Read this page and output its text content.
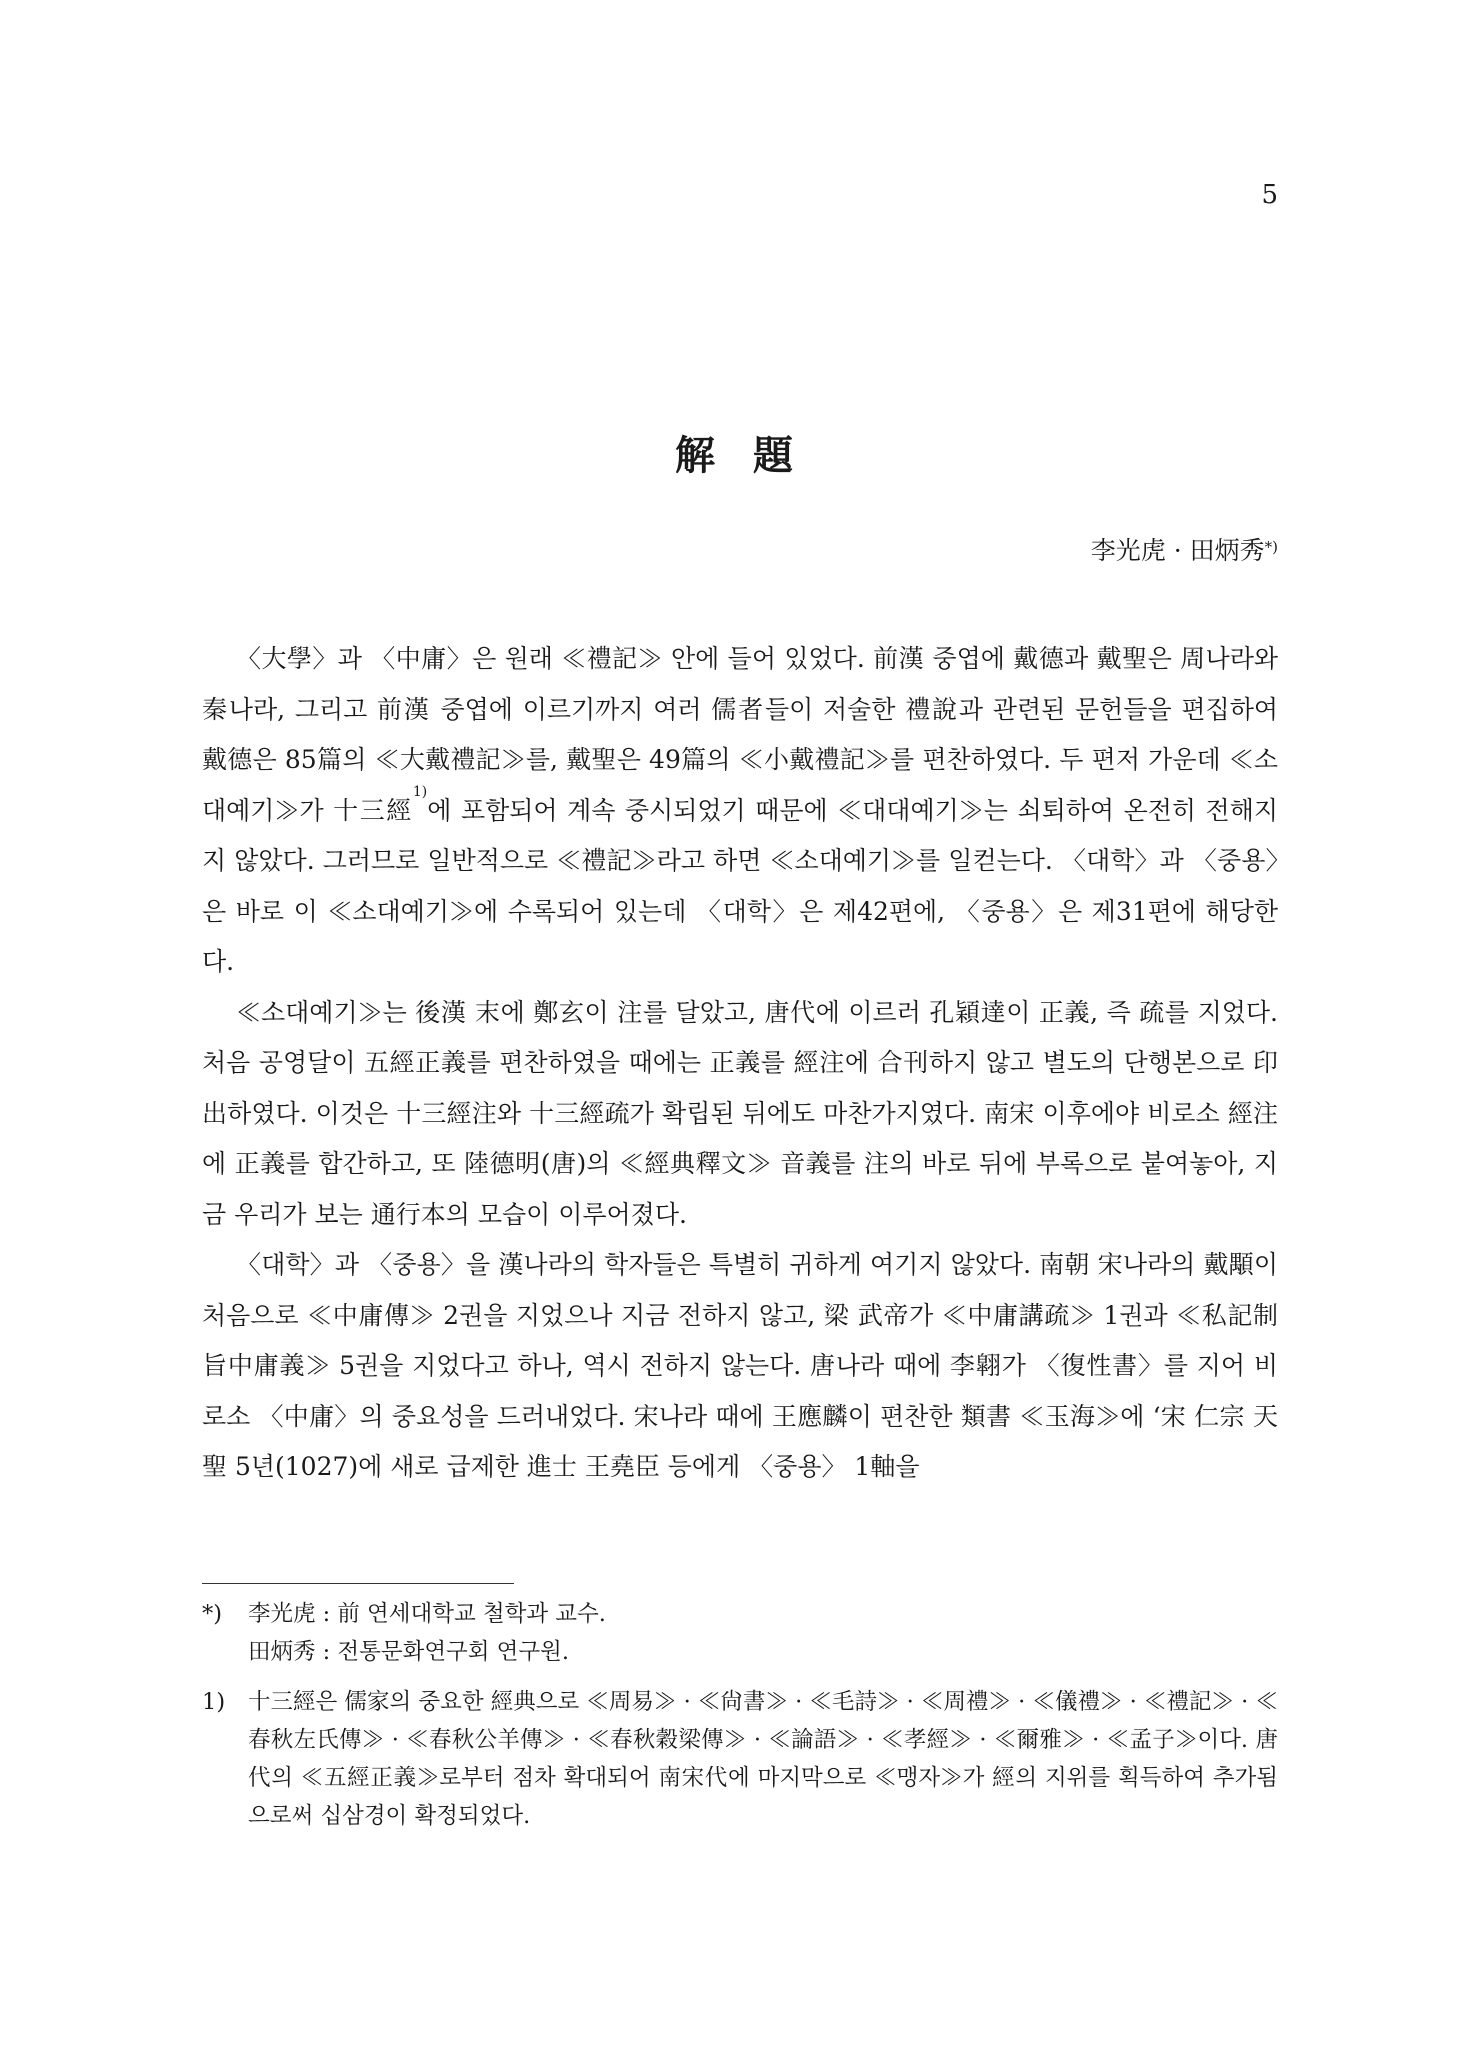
5
解 題
李光虎 · 田炳秀*)

〈大學〉과 〈中庸〉은 원래 ≪禮記≫ 안에 들어 있었다. 前漢 중엽에 戴德과 戴聖은 周나라와 秦나라, 그리고 前漢 중엽에 이르기까지 여러 儒者들이 저술한 禮說과 관련된 문헌들을 편집하여 戴德은 85篇의 ≪大戴禮記≫를, 戴聖은 49篇의 ≪小戴禮記≫를 편찬하였다. 두 편저 가운데 ≪소대예기≫가 十三經$^{1)}$에 포함되어 계속 중시되었기 때문에 ≪대대예기≫는 쇠퇴하여 온전히 전해지지 않았다. 그러므로 일반적으로 ≪禮記≫라고 하면 ≪소대예기≫를 일컫는다. 〈대학〉과 〈중용〉은 바로 이 ≪소대예기≫에 수록되어 있는데 〈대학〉은 제42편에, 〈중용〉은 제31편에 해당한다.

≪소대예기≫는 後漢 末에 鄭玄이 注를 달았고, 唐代에 이르러 孔穎達이 正義, 즉 疏를 지었다. 처음 공영달이 五經正義를 편찬하였을 때에는 正義를 經注에 合刊하지 않고 별도의 단행본으로 印出하였다. 이것은 十三經注와 十三經疏가 확립된 뒤에도 마찬가지였다. 南宋 이후에야 비로소 經注에 正義를 합간하고, 또 陸德明(唐)의 ≪經典釋文≫ 音義를 注의 바로 뒤에 부록으로 붙여놓아, 지금 우리가 보는 通行本의 모습이 이루어졌다.

〈대학〉과 〈중용〉을 漢나라의 학자들은 특별히 귀하게 여기지 않았다. 南朝 宋나라의 戴顒이 처음으로 ≪中庸傳≫ 2권을 지었으나 지금 전하지 않고, 梁 武帝가 ≪中庸講疏≫ 1권과 ≪私記制旨中庸義≫ 5권을 지었다고 하나, 역시 전하지 않는다. 唐나라 때에 李翶가 〈復性書〉를 지어 비로소 〈中庸〉의 중요성을 드러내었다. 宋나라 때에 王應麟이 편찬한 類書 ≪玉海≫에 ‘宋 仁宗 天聖 5년(1027)에 새로 급제한 進士 王堯臣 등에게 〈중용〉 1軸을

*)	李光虎 : 前 연세대학교 철학과 교수.

田炳秀 : 전통문화연구회 연구원.

1)	十三經은 儒家의 중요한 經典으로 ≪周易≫ · ≪尙書≫ · ≪毛詩≫ · ≪周禮≫ · ≪儀禮≫ · ≪禮記≫ · ≪春秋左氏傳≫ · ≪春秋公羊傳≫ · ≪春秋穀梁傳≫ · ≪論語≫ · ≪孝經≫ · ≪爾雅≫ · ≪孟子≫이다. 唐代의 ≪五經正義≫로부터 점차 확대되어 南宋代에 마지막으로 ≪맹자≫가 經의 지위를 획득하여 추가됨으로써 십삼경이 확정되었다.
